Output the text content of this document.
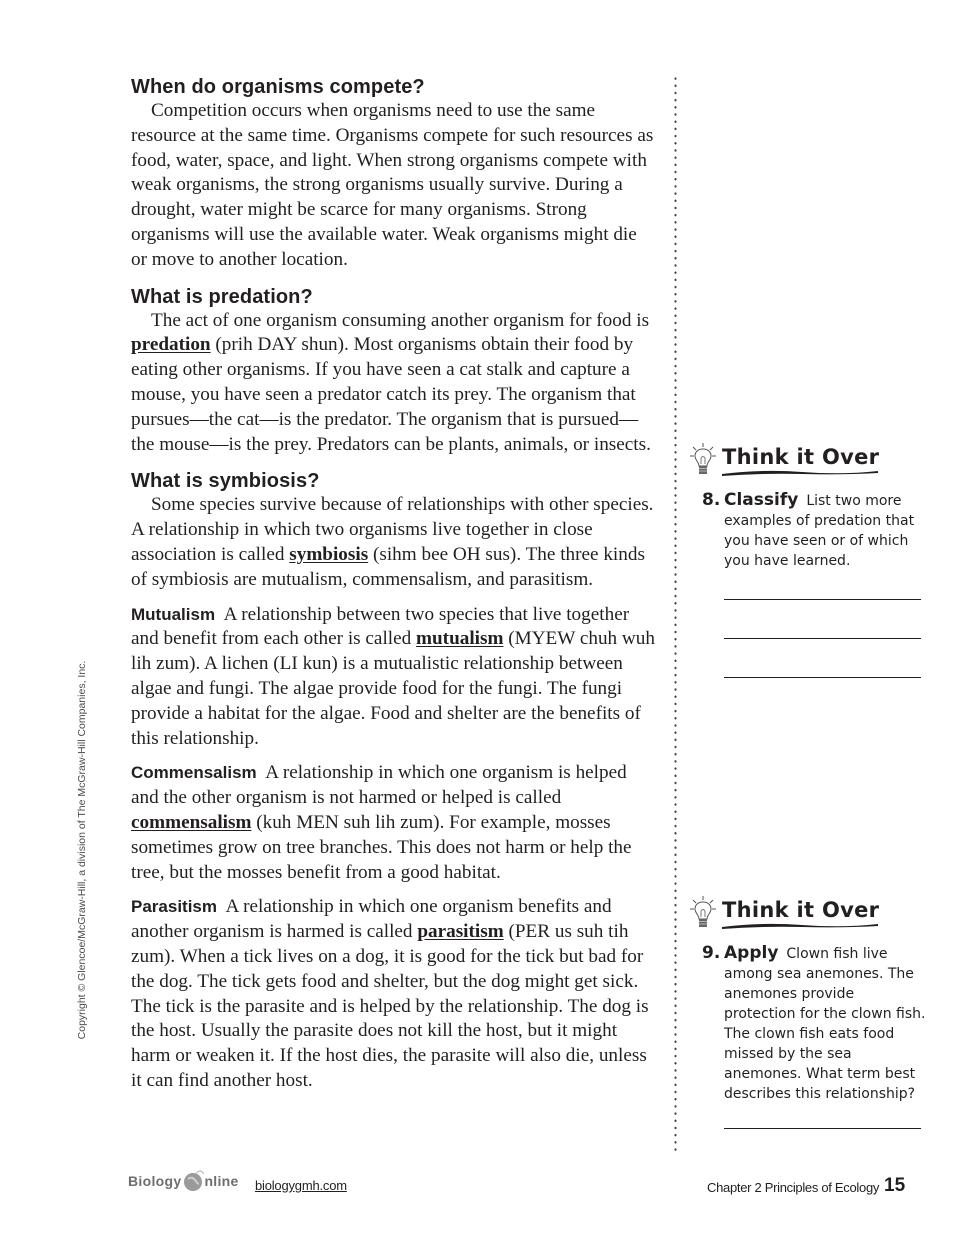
When do organisms compete?

Competition occurs when organisms need to use the same resource at the same time. Organisms compete for such resources as food, water, space, and light. When strong organisms compete with weak organisms, the strong organisms usually survive. During a drought, water might be scarce for many organisms. Strong organisms will use the available water. Weak organisms might die or move to another location.

What is predation?

The act of one organism consuming another organism for food is predation (prih DAY shun). Most organisms obtain their food by eating other organisms. If you have seen a cat stalk and capture a mouse, you have seen a predator catch its prey. The organism that pursues—the cat—is the predator. The organism that is pursued—the mouse—is the prey. Predators can be plants, animals, or insects.

What is symbiosis?

Some species survive because of relationships with other species. A relationship in which two organisms live together in close association is called symbiosis (sihm bee OH sus). The three kinds of symbiosis are mutualism, commensalism, and parasitism.

Mutualism A relationship between two species that live together and benefit from each other is called mutualism (MYEW chuh wuh lih zum). A lichen (LI kun) is a mutualistic relationship between algae and fungi. The algae provide food for the fungi. The fungi provide a habitat for the algae. Food and shelter are the benefits of this relationship.

Commensalism A relationship in which one organism is helped and the other organism is not harmed or helped is called commensalism (kuh MEN suh lih zum). For example, mosses sometimes grow on tree branches. This does not harm or help the tree, but the mosses benefit from a good habitat.

Parasitism A relationship in which one organism benefits and another organism is harmed is called parasitism (PER us suh tih zum). When a tick lives on a dog, it is good for the tick but bad for the dog. The tick gets food and shelter, but the dog might get sick. The tick is the parasite and is helped by the relationship. The dog is the host. Usually the parasite does not kill the host, but it might harm or weaken it. If the host dies, the parasite will also die, unless it can find another host.

Copyright © Glencoe/McGraw-Hill, a division of The McGraw-Hill Companies, Inc.
Think it Over
8. Classify List two more examples of predation that you have seen or of which you have learned.
Think it Over
9. Apply Clown fish live among sea anemones. The anemones provide protection for the clown fish. The clown fish eats food missed by the sea anemones. What term best describes this relationship?
Biology nline biologygmh.com	Chapter 2 Principles of Ecology 15
